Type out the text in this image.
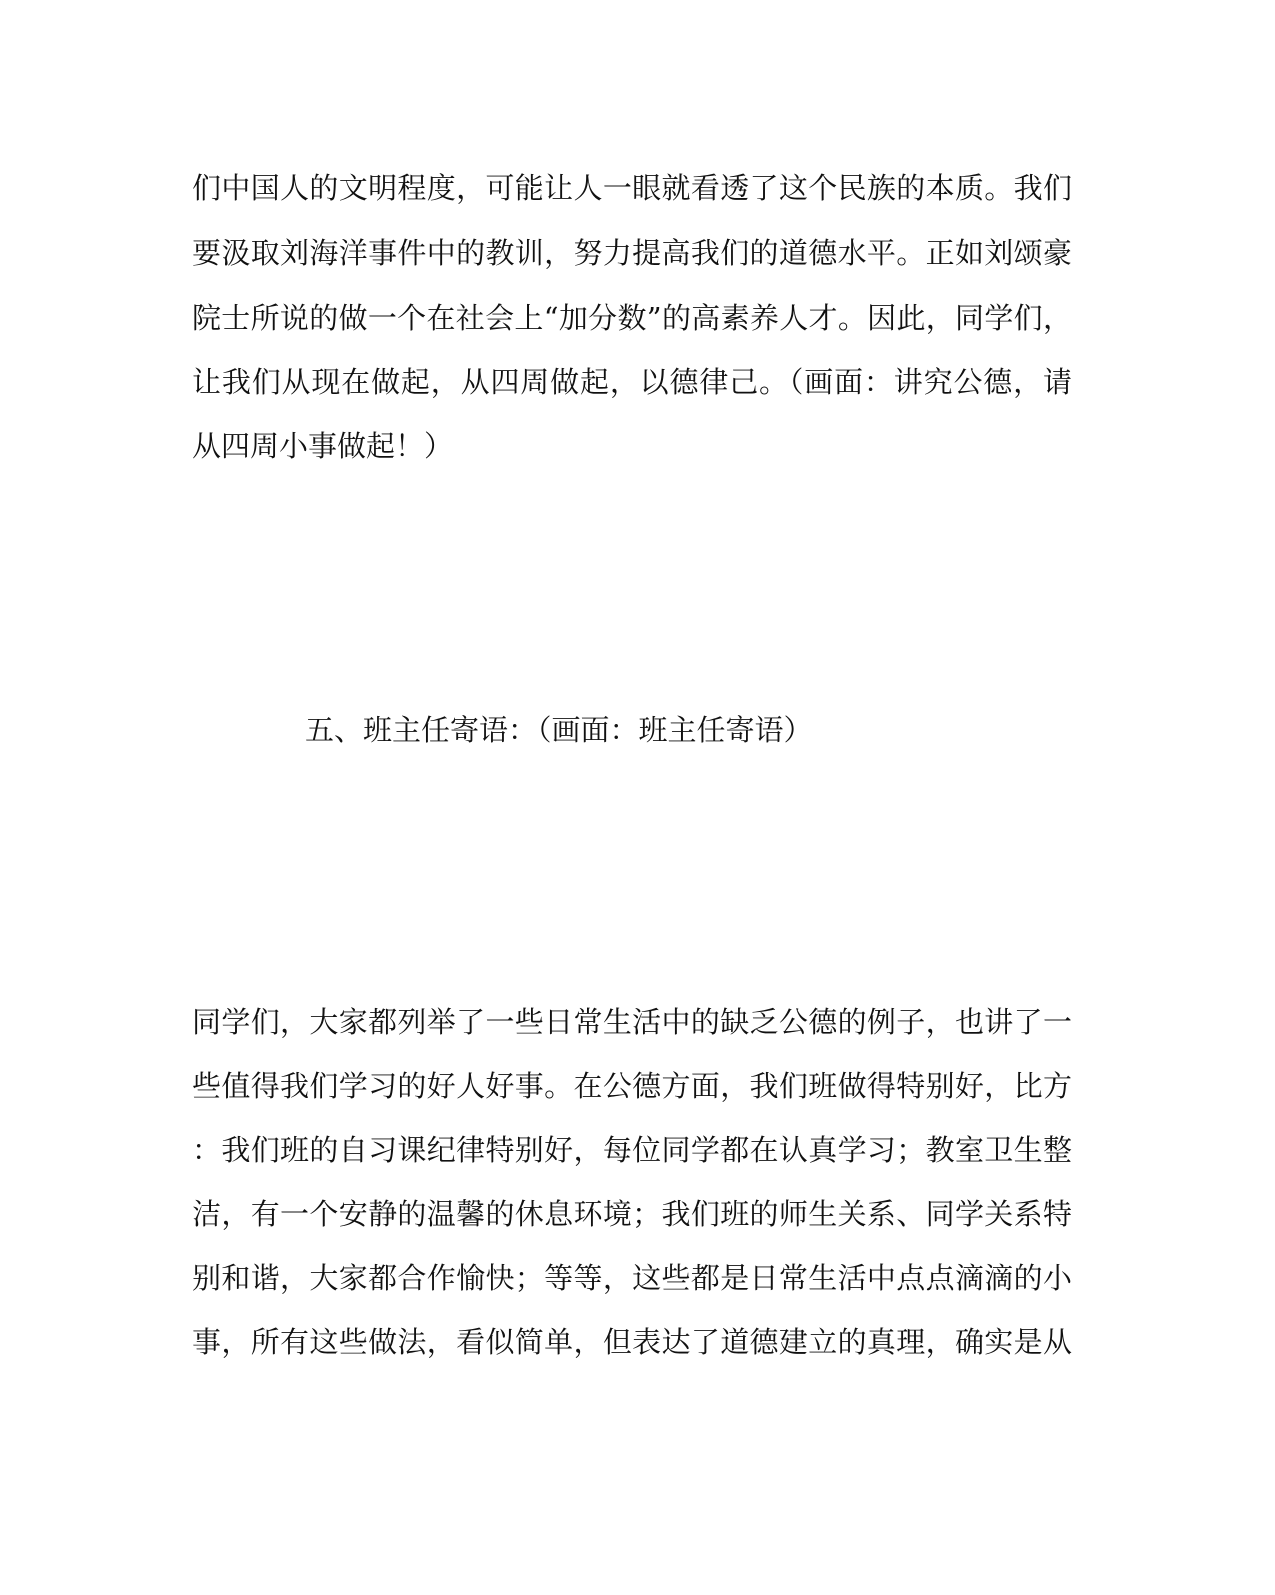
们中国人的文明程度，可能让人一眼就看透了这个民族的本质。我们

要汲取刘海洋事件中的教训，努力提高我们的道德水平。正如刘颂豪

院士所说的做一个在社会上“加分数”的高素养人才。因此，同学们，

让我们从现在做起，从四周做起，以德律己。（画面：讲究公德，请

从四周小事做起！）

五、班主任寄语：（画面：班主任寄语）

同学们，大家都列举了一些日常生活中的缺乏公德的例子，也讲了一

些值得我们学习的好人好事。在公德方面，我们班做得特别好，比方

：我们班的自习课纪律特别好，每位同学都在认真学习；教室卫生整

洁，有一个安静的温馨的休息环境；我们班的师生关系、同学关系特

别和谐，大家都合作愉快；等等，这些都是日常生活中点点滴滴的小

事，所有这些做法，看似简单，但表达了道德建立的真理，确实是从
